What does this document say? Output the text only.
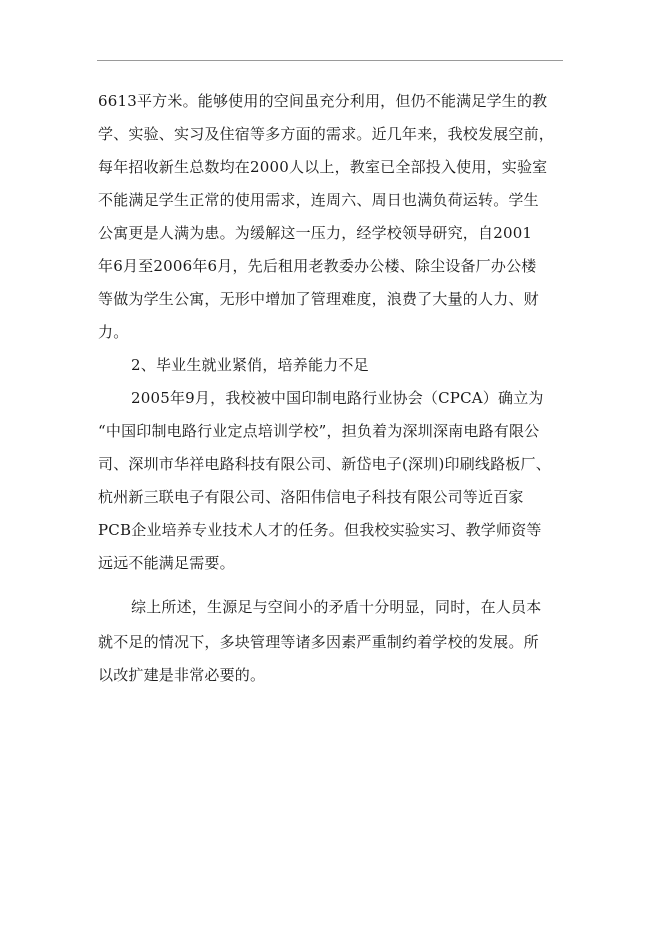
6613平方米。能够使用的空间虽充分利用，但仍不能满足学生的教
学、实验、实习及住宿等多方面的需求。近几年来，我校发展空前，
每年招收新生总数均在2000人以上，教室已全部投入使用，实验室
不能满足学生正常的使用需求，连周六、周日也满负荷运转。学生
公寓更是人满为患。为缓解这一压力，经学校领导研究，自2001
年6月至2006年6月，先后租用老教委办公楼、除尘设备厂办公楼
等做为学生公寓，无形中增加了管理难度，浪费了大量的人力、财
力。
2、毕业生就业紧俏，培养能力不足
2005年9月，我校被中国印制电路行业协会（CPCA）确立为
“中国印制电路行业定点培训学校”，担负着为深圳深南电路有限公
司、深圳市华祥电路科技有限公司、新岱电子(深圳)印刷线路板厂、
杭州新三联电子有限公司、洛阳伟信电子科技有限公司等近百家
PCB企业培养专业技术人才的任务。但我校实验实习、教学师资等
远远不能满足需要。
综上所述，生源足与空间小的矛盾十分明显，同时，在人员本
就不足的情况下，多块管理等诸多因素严重制约着学校的发展。所
以改扩建是非常必要的。
